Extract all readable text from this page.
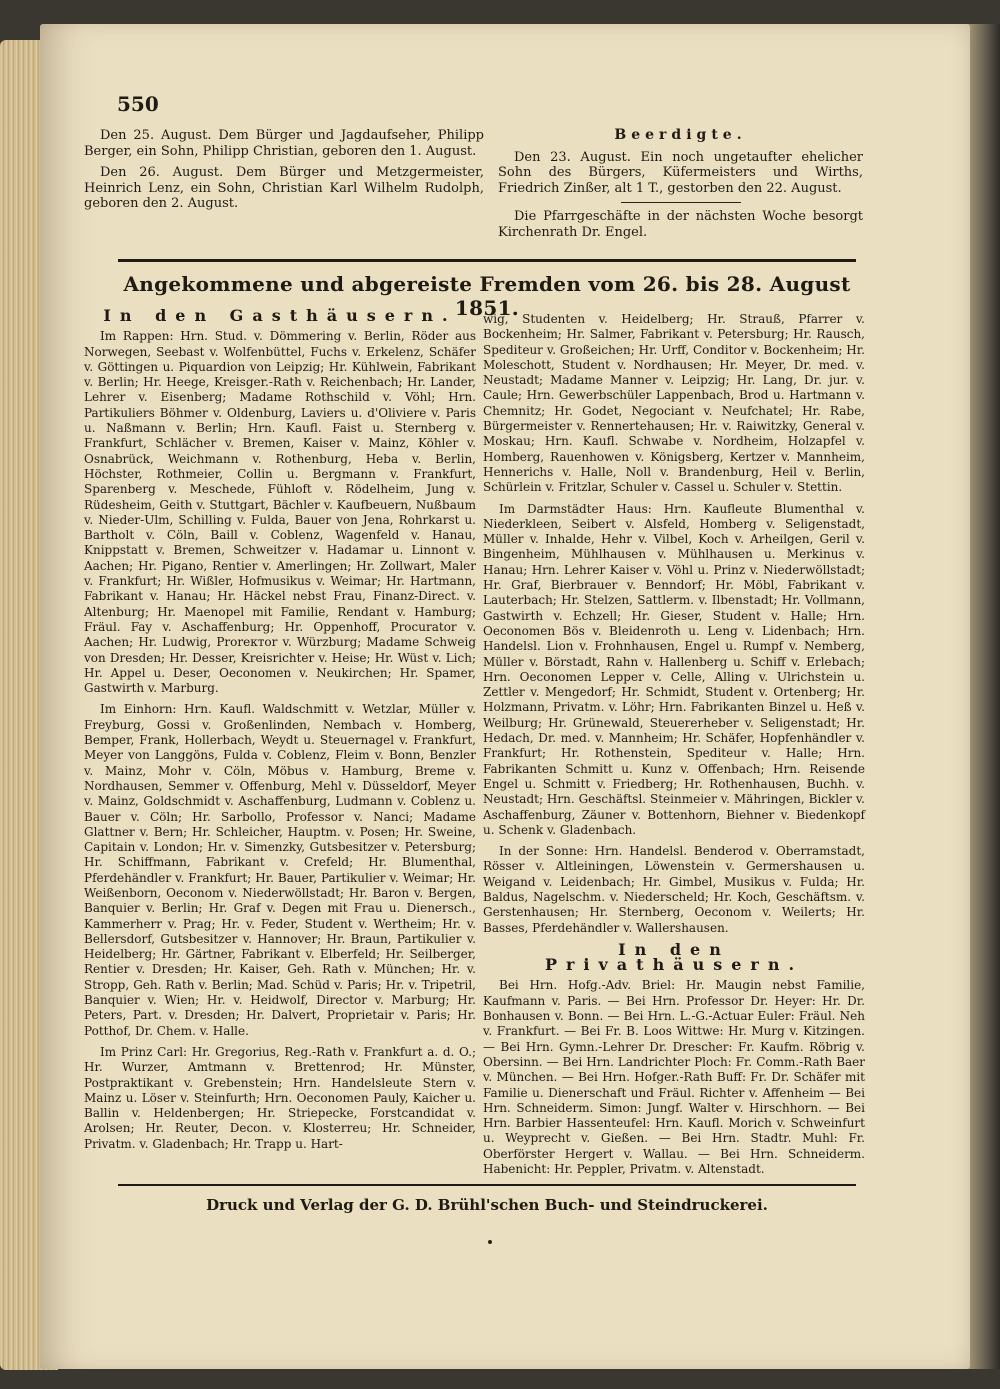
550

Den 25. August. Dem Bürger und Jagdaufseher, Philipp Berger, ein Sohn, Philipp Christian, geboren den 1. August.

Den 26. August. Dem Bürger und Metzgermeister, Heinrich Lenz, ein Sohn, Christian Karl Wilhelm Rudolph, geboren den 2. August.

Beerdigte.

Den 23. August. Ein noch ungetaufter ehelicher Sohn des Bürgers, Küfermeisters und Wirths, Friedrich Zinßer, alt 1 T., gestorben den 22. August.

Die Pfarrgeschäfte in der nächsten Woche besorgt Kirchenrath Dr. Engel.

Angekommene und abgereiste Fremden vom 26. bis 28. August 1851.

In den Gasthäusern.

Im Rappen: Hrn. Stud. v. Dömmering v. Berlin, Röder aus Norwegen, Seebast v. Wolfenbüttel, Fuchs v. Erkelenz, Schäfer v. Göttingen u. Piquardion von Leipzig; Hr. Kühlwein, Fabrikant v. Berlin; Hr. Heege, Kreisger.-Rath v. Reichenbach; Hr. Lander, Lehrer v. Eisenberg; Madame Rothschild v. Vöhl; Hrn. Partikuliers Böhmer v. Oldenburg, Laviers u. d'Oliviere v. Paris u. Naßmann v. Berlin; Hrn. Kaufl. Faist u. Sternberg v. Frankfurt, Schlächer v. Bremen, Kaiser v. Mainz, Köhler v. Osnabrück, Weichmann v. Rothenburg, Heba v. Berlin, Höchster, Rothmeier, Collin u. Bergmann v. Frankfurt, Sparenberg v. Meschede, Fühloft v. Rödelheim, Jung v. Rüdesheim, Geith v. Stuttgart, Bächler v. Kaufbeuern, Nußbaum v. Nieder-Ulm, Schilling v. Fulda, Bauer von Jena, Rohrkarst u. Bartholt v. Cöln, Baill v. Coblenz, Wagenfeld v. Hanau, Knippstatt v. Bremen, Schweitzer v. Hadamar u. Linnont v. Aachen; Hr. Pigano, Rentier v. Amerlingen; Hr. Zollwart, Maler v. Frankfurt; Hr. Wißler, Hofmusikus v. Weimar; Hr. Hartmann, Fabrikant v. Hanau; Hr. Häckel nebst Frau, Finanz-Direct. v. Altenburg; Hr. Maenopel mit Familie, Rendant v. Hamburg; Fräul. Fay v. Aschaffenburg; Hr. Oppenhoff, Procurator v. Aachen; Hr. Ludwig, Proreктor v. Würzburg; Madame Schweig von Dresden; Hr. Desser, Kreisrichter v. Heise; Hr. Wüst v. Lich; Hr. Appel u. Deser, Oeconomen v. Neukirchen; Hr. Spamer, Gastwirth v. Marburg.

Im Einhorn: Hrn. Kaufl. Waldschmitt v. Wetzlar, Müller v. Freyburg, Gossi v. Großenlinden, Nembach v. Homberg, Bemper, Frank, Hollerbach, Weydt u. Steuernagel v. Frankfurt, Meyer von Langgöns, Fulda v. Coblenz, Fleim v. Bonn, Benzler v. Mainz, Mohr v. Cöln, Möbus v. Hamburg, Breme v. Nordhausen, Semmer v. Offenburg, Mehl v. Düsseldorf, Meyer v. Mainz, Goldschmidt v. Aschaffenburg, Ludmann v. Coblenz u. Bauer v. Cöln; Hr. Sarbollo, Professor v. Nanci; Madame Glattner v. Bern; Hr. Schleicher, Hauptm. v. Posen; Hr. Sweine, Capitain v. London; Hr. v. Simenzky, Gutsbesitzer v. Petersburg; Hr. Schiffmann, Fabrikant v. Crefeld; Hr. Blumenthal, Pferdehändler v. Frankfurt; Hr. Bauer, Partikulier v. Weimar; Hr. Weißenborn, Oeconom v. Niederwöllstadt; Hr. Baron v. Bergen, Banquier v. Berlin; Hr. Graf v. Degen mit Frau u. Dienersch., Kammerherr v. Prag; Hr. v. Feder, Student v. Wertheim; Hr. v. Bellersdorf, Gutsbesitzer v. Hannover; Hr. Braun, Partikulier v. Heidelberg; Hr. Gärtner, Fabrikant v. Elberfeld; Hr. Seilberger, Rentier v. Dresden; Hr. Kaiser, Geh. Rath v. München; Hr. v. Stropp, Geh. Rath v. Berlin; Mad. Schüd v. Paris; Hr. v. Tripetril, Banquier v. Wien; Hr. v. Heidwolf, Director v. Marburg; Hr. Peters, Part. v. Dresden; Hr. Dalvert, Proprietair v. Paris; Hr. Potthof, Dr. Chem. v. Halle.

Im Prinz Carl: Hr. Gregorius, Reg.-Rath v. Frankfurt a. d. O.; Hr. Wurzer, Amtmann v. Brettenrod; Hr. Münster, Postpraktikant v. Grebenstein; Hrn. Handelsleute Stern v. Mainz u. Löser v. Steinfurth; Hrn. Oeconomen Pauly, Kaicher u. Ballin v. Heldenbergen; Hr. Striepecke, Forstcandidat v. Arolsen; Hr. Reuter, Decon. v. Klosterreu; Hr. Schneider, Privatm. v. Gladenbach; Hr. Trapp u. Hart-

wig, Studenten v. Heidelberg; Hr. Strauß, Pfarrer v. Bockenheim; Hr. Salmer, Fabrikant v. Petersburg; Hr. Rausch, Spediteur v. Großeichen; Hr. Urff, Conditor v. Bockenheim; Hr. Moleschott, Student v. Nordhausen; Hr. Meyer, Dr. med. v. Neustadt; Madame Manner v. Leipzig; Hr. Lang, Dr. jur. v. Caule; Hrn. Gewerbschüler Lappenbach, Brod u. Hartmann v. Chemnitz; Hr. Godet, Negociant v. Neufchatel; Hr. Rabe, Bürgermeister v. Rennertehausen; Hr. v. Raiwitzky, General v. Moskau; Hrn. Kaufl. Schwabe v. Nordheim, Holzapfel v. Homberg, Rauenhowen v. Königsberg, Kertzer v. Mannheim, Hennerichs v. Halle, Noll v. Brandenburg, Heil v. Berlin, Schürlein v. Fritzlar, Schuler v. Cassel u. Schuler v. Stettin.

Im Darmstädter Haus: Hrn. Kaufleute Blumenthal v. Niederkleen, Seibert v. Alsfeld, Homberg v. Seligenstadt, Müller v. Inhalde, Hehr v. Vilbel, Koch v. Arheilgen, Geril v. Bingenheim, Mühlhausen v. Mühlhausen u. Merkinus v. Hanau; Hrn. Lehrer Kaiser v. Vöhl u. Prinz v. Niederwöllstadt; Hr. Graf, Bierbrauer v. Benndorf; Hr. Möbl, Fabrikant v. Lauterbach; Hr. Stelzen, Sattlerm. v. Ilbenstadt; Hr. Vollmann, Gastwirth v. Echzell; Hr. Gieser, Student v. Halle; Hrn. Oeconomen Bös v. Bleidenroth u. Leng v. Lidenbach; Hrn. Handelsl. Lion v. Frohnhausen, Engel u. Rumpf v. Nemberg, Müller v. Börstadt, Rahn v. Hallenberg u. Schiff v. Erlebach; Hrn. Oeconomen Lepper v. Celle, Alling v. Ulrichstein u. Zettler v. Mengedorf; Hr. Schmidt, Student v. Ortenberg; Hr. Holzmann, Privatm. v. Löhr; Hrn. Fabrikanten Binzel u. Heß v. Weilburg; Hr. Grünewald, Steuererheber v. Seligenstadt; Hr. Hedach, Dr. med. v. Mannheim; Hr. Schäfer, Hopfenhändler v. Frankfurt; Hr. Rothenstein, Spediteur v. Halle; Hrn. Fabrikanten Schmitt u. Kunz v. Offenbach; Hrn. Reisende Engel u. Schmitt v. Friedberg; Hr. Rothenhausen, Buchh. v. Neustadt; Hrn. Geschäftsl. Steinmeier v. Mähringen, Bickler v. Aschaffenburg, Zäuner v. Bottenhorn, Biehner v. Biedenkopf u. Schenk v. Gladenbach.

In der Sonne: Hrn. Handelsl. Benderod v. Oberramstadt, Rösser v. Altleiningen, Löwenstein v. Germershausen u. Weigand v. Leidenbach; Hr. Gimbel, Musikus v. Fulda; Hr. Baldus, Nagelschm. v. Niederscheld; Hr. Koch, Geschäftsm. v. Gerstenhausen; Hr. Sternberg, Oeconom v. Weilerts; Hr. Basses, Pferdehändler v. Wallershausen.

In den Privathäusern.

Bei Hrn. Hofg.-Adv. Briel: Hr. Maugin nebst Familie, Kaufmann v. Paris. — Bei Hrn. Professor Dr. Heyer: Hr. Dr. Bonhausen v. Bonn. — Bei Hrn. L.-G.-Actuar Euler: Fräul. Neh v. Frankfurt. — Bei Fr. B. Loos Wittwe: Hr. Murg v. Kitzingen. — Bei Hrn. Gymn.-Lehrer Dr. Drescher: Fr. Kaufm. Röbrig v. Obersinn. — Bei Hrn. Landrichter Ploch: Fr. Comm.-Rath Baer v. München. — Bei Hrn. Hofger.-Rath Buff: Fr. Dr. Schäfer mit Familie u. Dienerschaft und Fräul. Richter v. Affenheim — Bei Hrn. Schneiderm. Simon: Jungf. Walter v. Hirschhorn. — Bei Hrn. Barbier Hassenteufel: Hrn. Kaufl. Morich v. Schweinfurt u. Weyprecht v. Gießen. — Bei Hrn. Stadtr. Muhl: Fr. Oberförster Hergert v. Wallau. — Bei Hrn. Schneiderm. Habenicht: Hr. Peppler, Privatm. v. Altenstadt.

Druck und Verlag der G. D. Brühl'schen Buch- und Steindruckerei.
